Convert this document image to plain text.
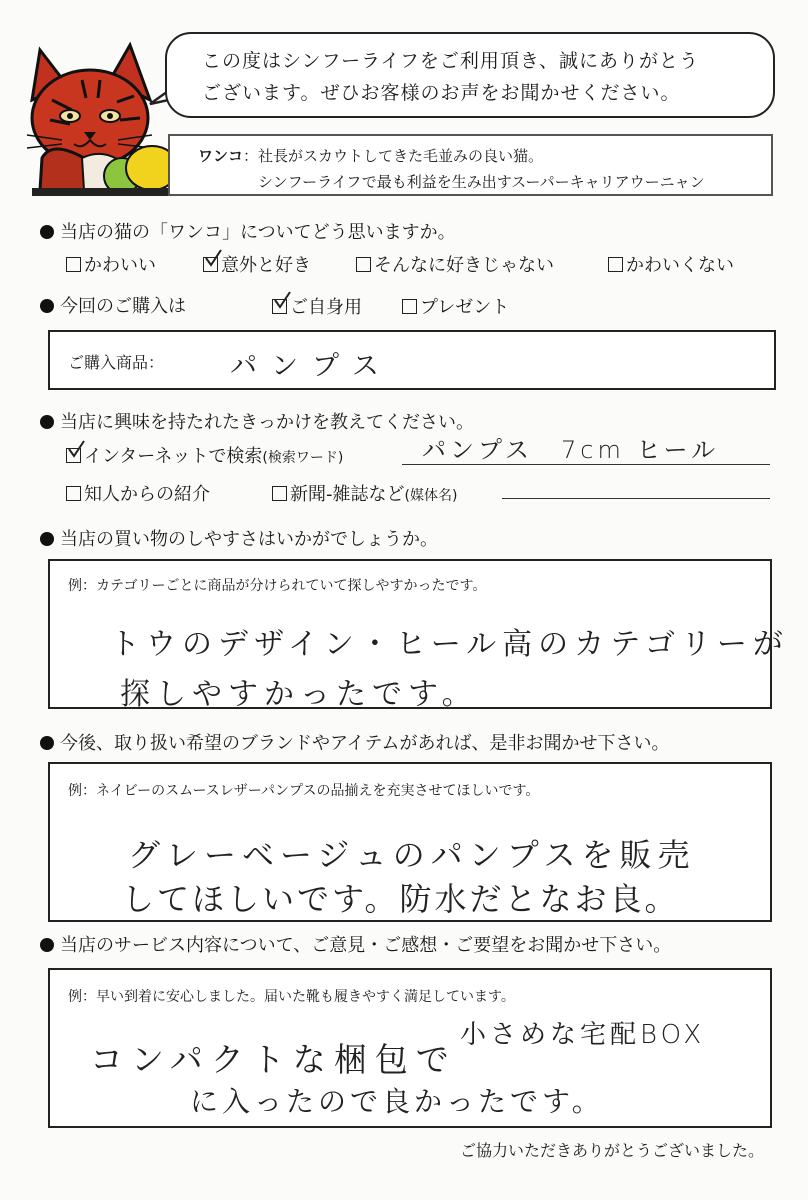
この度はシンフーライフをご利用頂き、誠にありがとう
ございます。ぜひお客様のお声をお聞かせください。
ワンコ：社長がスカウトしてきた毛並みの良い猫。
シンフーライフで最も利益を生み出すスーパーキャリアウーニャン
当店の猫の「ワンコ」についてどう思いますか。
かわいい	意外と好き	そんなに好きじゃない	かわいくない
今回のご購入は	ご自身用	プレゼント
ご購入商品： パンプス
当店に興味を持たれたきっかけを教えてください。
インターネットで検索(検索ワード)	パンプス　7cm ヒール
知人からの紹介	新聞-雑誌など(媒体名)
当店の買い物のしやすさはいかがでしょうか。
例：カテゴリーごとに商品が分けられていて探しやすかったです。
トウのデザイン・ヒール高のカテゴリーが
探しやすかったです。
今後、取り扱い希望のブランドやアイテムがあれば、是非お聞かせ下さい。
例：ネイビーのスムースレザーパンプスの品揃えを充実させてほしいです。
グレーベージュのパンプスを販売
してほしいです。防水だとなお良。
当店のサービス内容について、ご意見・ご感想・ご要望をお聞かせ下さい。
例：早い到着に安心しました。届いた靴も履きやすく満足しています。
小さめな宅配BOX
コンパクトな梱包で
に入ったので良かったです。
ご協力いただきありがとうございました。
